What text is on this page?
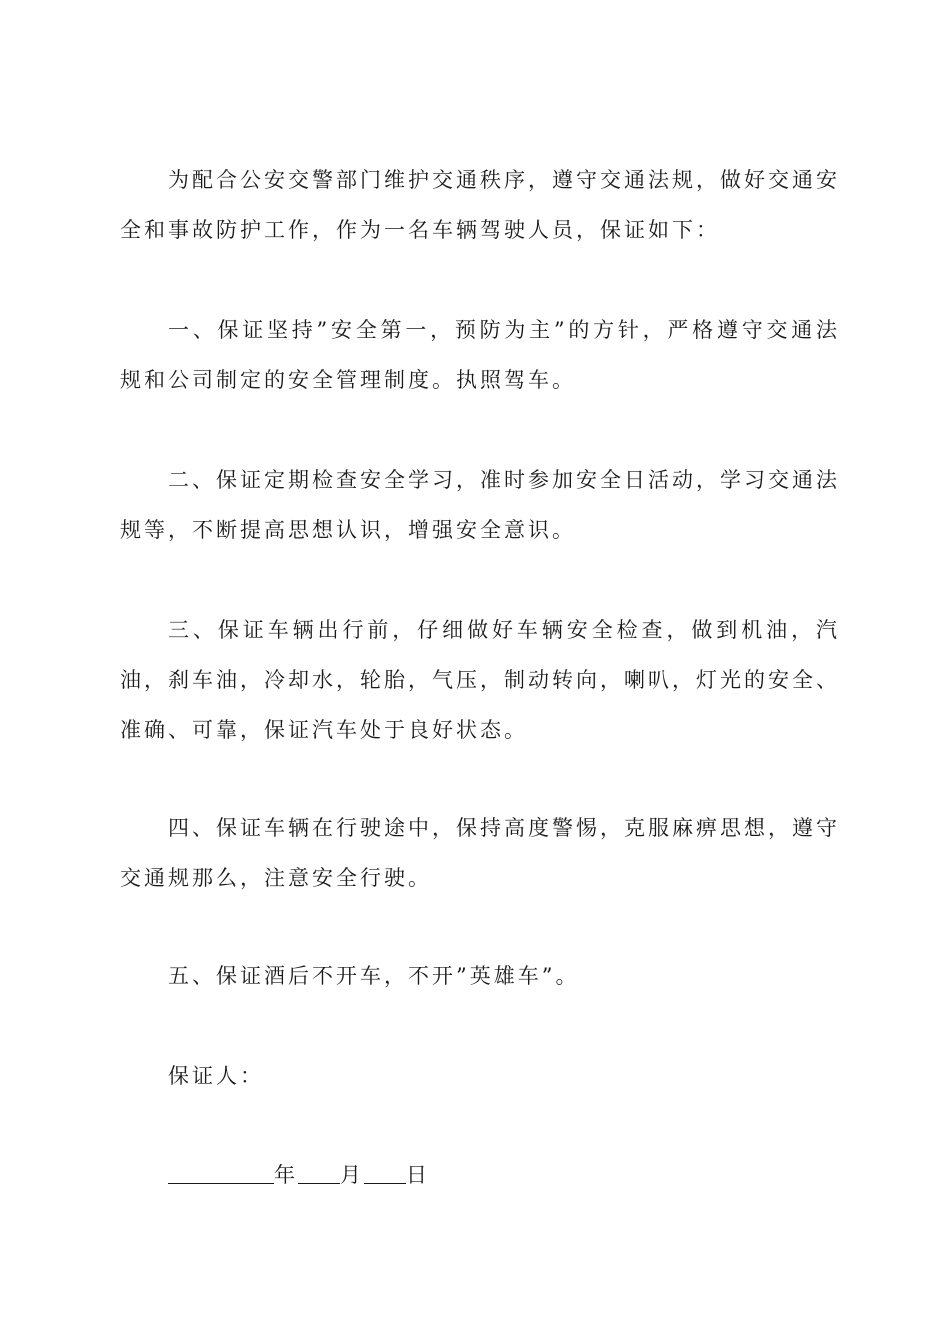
为配合公安交警部门维护交通秩序，遵守交通法规，做好交通安全和事故防护工作，作为一名车辆驾驶人员，保证如下：

一、保证坚持”安全第一，预防为主”的方针，严格遵守交通法规和公司制定的安全管理制度。执照驾车。

二、保证定期检查安全学习，准时参加安全日活动，学习交通法规等，不断提高思想认识，增强安全意识。

三、保证车辆出行前，仔细做好车辆安全检查，做到机油，汽油，刹车油，冷却水，轮胎，气压，制动转向，喇叭，灯光的安全、准确、可靠，保证汽车处于良好状态。

四、保证车辆在行驶途中，保持高度警惕，克服麻痹思想，遵守交通规那么，注意安全行驶。

五、保证酒后不开车，不开”英雄车”。

保证人：
年 月 日
